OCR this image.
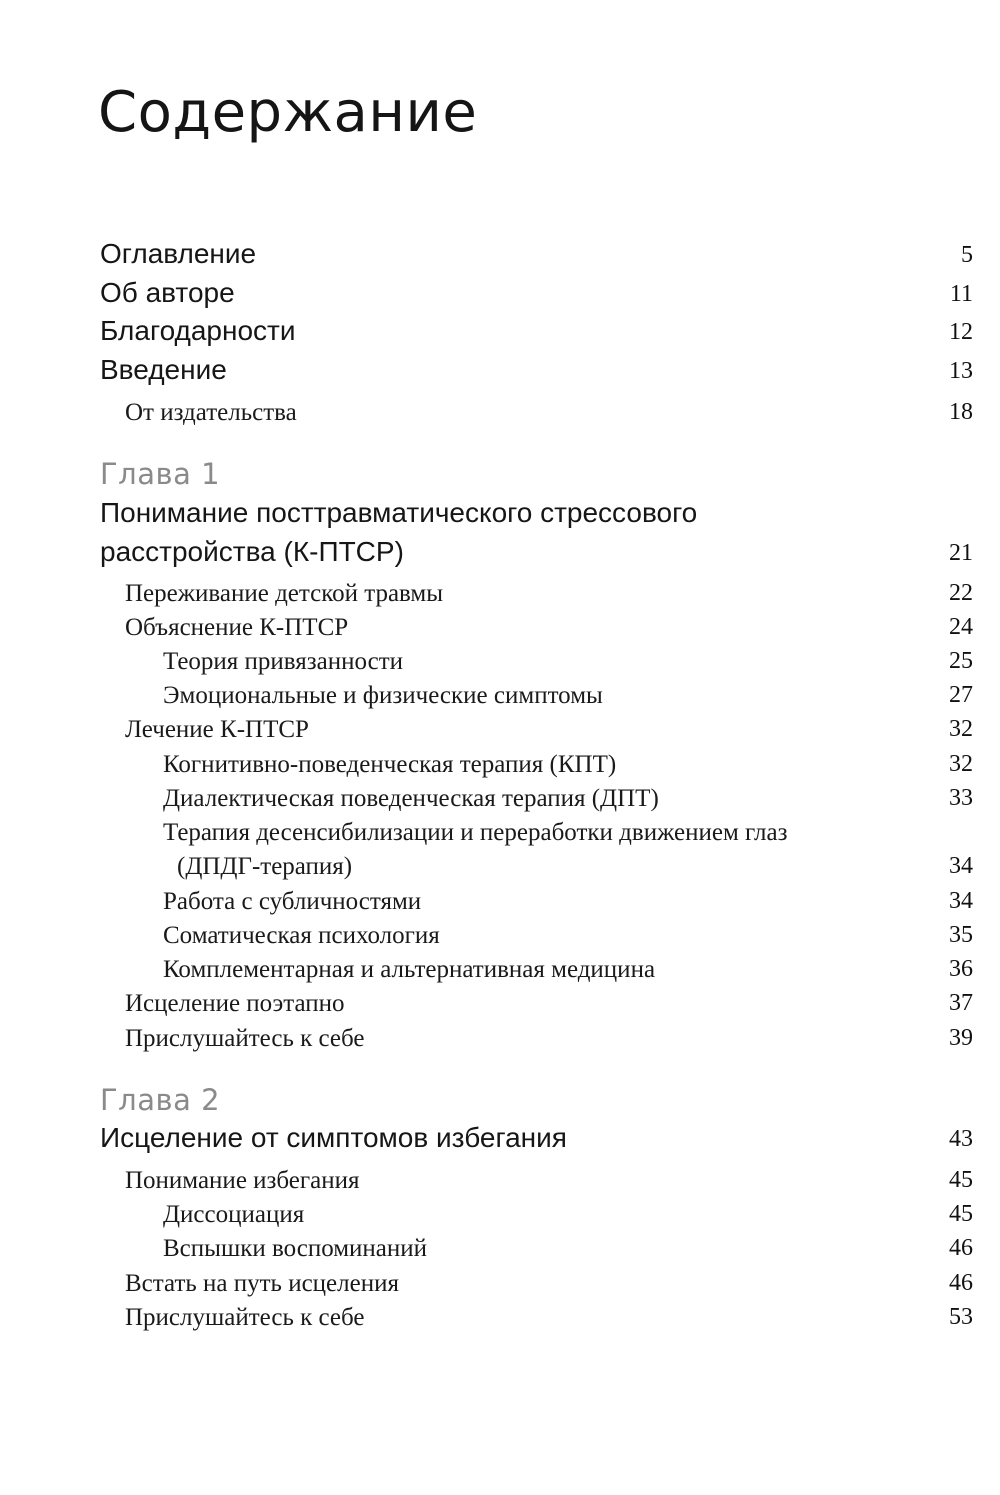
Содержание
Оглавление	5
Об авторе	11
Благодарности	12
Введение	13
От издательства	18
Глава 1
Понимание посттравматического стрессового
расстройства (К-ПТСР)	21
Переживание детской травмы	22
Объяснение К-ПТСР	24
Теория привязанности	25
Эмоциональные и физические симптомы	27
Лечение К-ПТСР	32
Когнитивно-поведенческая терапия (КПТ)	32
Диалектическая поведенческая терапия (ДПТ)	33
Терапия десенсибилизации и переработки движением глаз
(ДПДГ-терапия)	34
Работа с субличностями	34
Соматическая психология	35
Комплементарная и альтернативная медицина	36
Исцеление поэтапно	37
Прислушайтесь к себе	39
Глава 2
Исцеление от симптомов избегания	43
Понимание избегания	45
Диссоциация	45
Вспышки воспоминаний	46
Встать на путь исцеления	46
Прислушайтесь к себе	53
